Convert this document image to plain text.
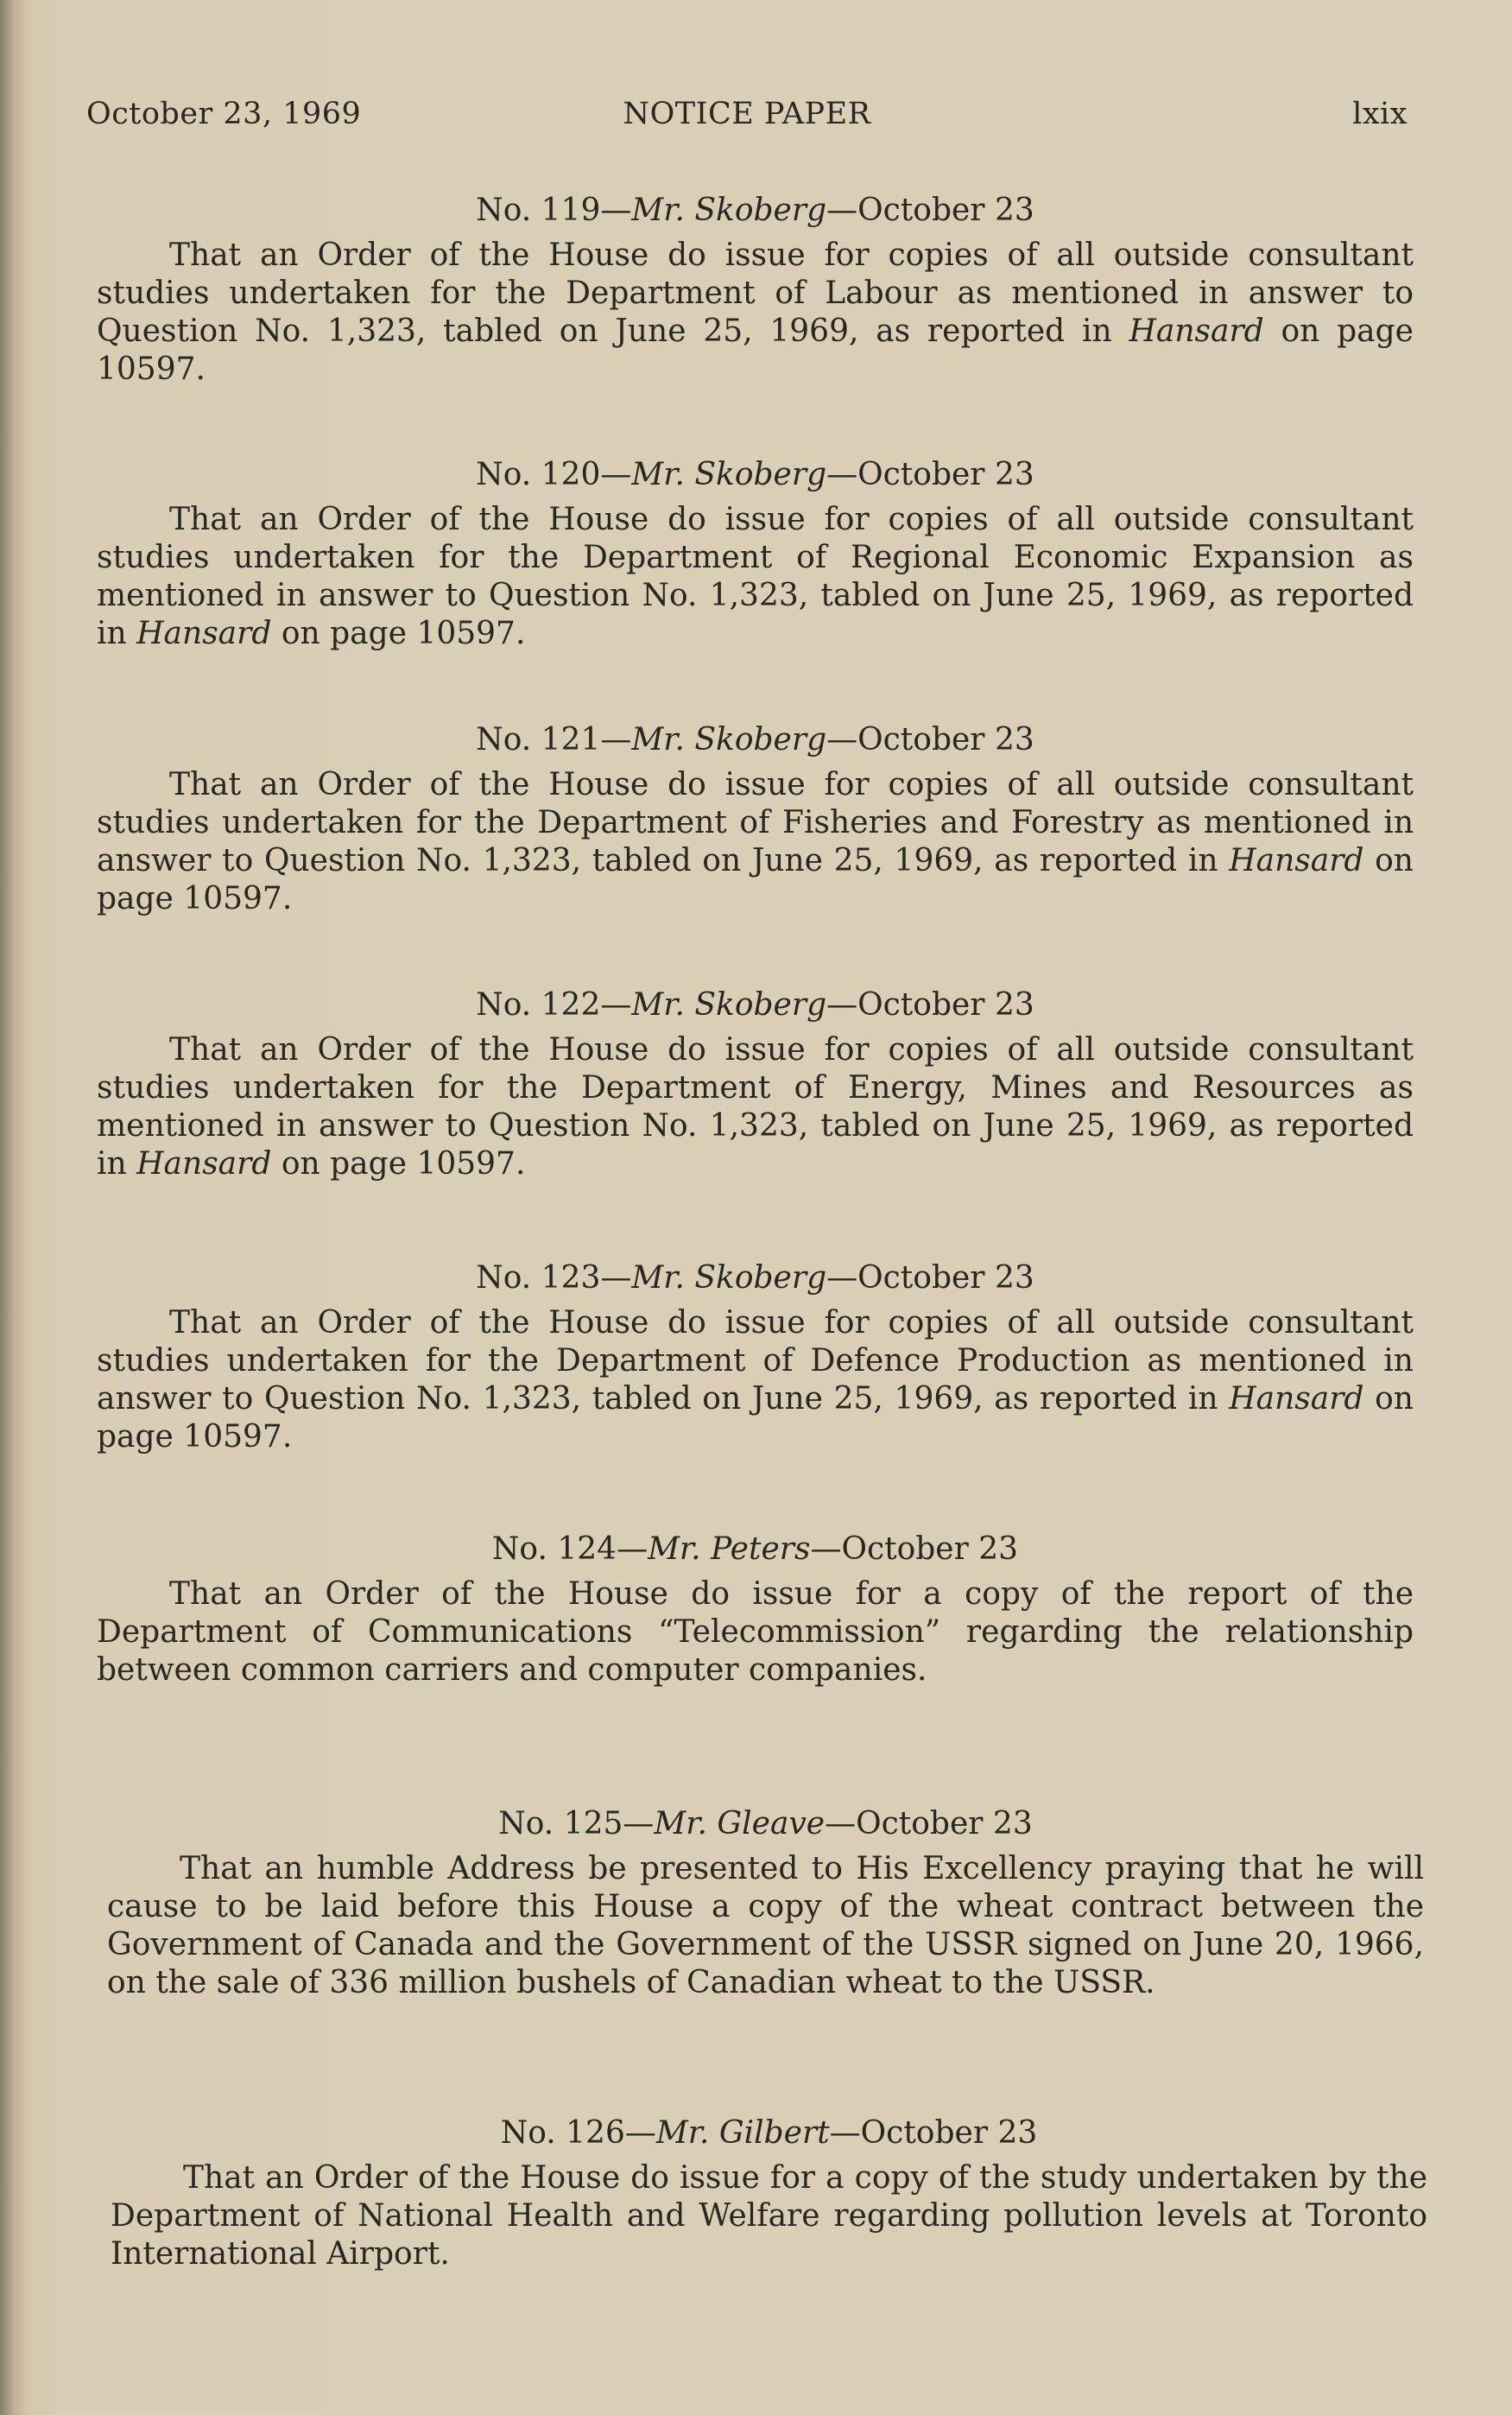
October 23, 1969	NOTICE PAPER	lxix
No. 119—Mr. Skoberg—October 23

That an Order of the House do issue for copies of all outside consultant studies undertaken for the Department of Labour as mentioned in answer to Question No. 1,323, tabled on June 25, 1969, as reported in Hansard on page 10597.

No. 120—Mr. Skoberg—October 23

That an Order of the House do issue for copies of all outside consultant studies undertaken for the Department of Regional Economic Expansion as mentioned in answer to Question No. 1,323, tabled on June 25, 1969, as reported in Hansard on page 10597.

No. 121—Mr. Skoberg—October 23

That an Order of the House do issue for copies of all outside consultant studies undertaken for the Department of Fisheries and Forestry as mentioned in answer to Question No. 1,323, tabled on June 25, 1969, as reported in Hansard on page 10597.

No. 122—Mr. Skoberg—October 23

That an Order of the House do issue for copies of all outside consultant studies undertaken for the Department of Energy, Mines and Resources as mentioned in answer to Question No. 1,323, tabled on June 25, 1969, as reported in Hansard on page 10597.

No. 123—Mr. Skoberg—October 23

That an Order of the House do issue for copies of all outside consultant studies undertaken for the Department of Defence Production as mentioned in answer to Question No. 1,323, tabled on June 25, 1969, as reported in Hansard on page 10597.

No. 124—Mr. Peters—October 23

That an Order of the House do issue for a copy of the report of the Department of Communications “Telecommission” regarding the relationship between common carriers and computer companies.

No. 125—Mr. Gleave—October 23

That an humble Address be presented to His Excellency praying that he will cause to be laid before this House a copy of the wheat contract between the Government of Canada and the Government of the USSR signed on June 20, 1966, on the sale of 336 million bushels of Canadian wheat to the USSR.

No. 126—Mr. Gilbert—October 23

That an Order of the House do issue for a copy of the study undertaken by the Department of National Health and Welfare regarding pollution levels at Toronto International Airport.
